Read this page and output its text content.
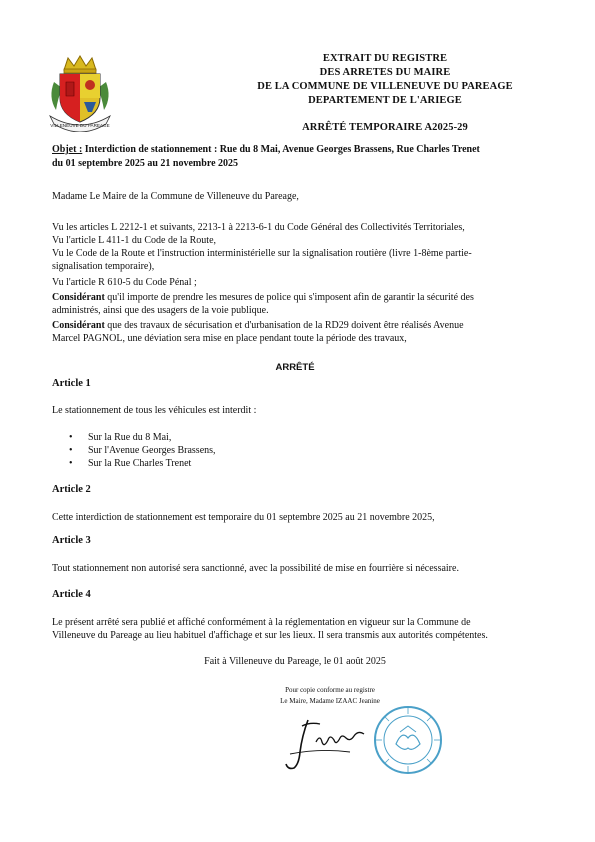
VILLENEUVE DU PAREAGE
EXTRAIT DU REGISTRE
DES ARRETES DU MAIRE
DE LA COMMUNE DE VILLENEUVE DU PAREAGE
DEPARTEMENT DE L'ARIEGE
ARRÊTÉ TEMPORAIRE A2025-29
Objet : Interdiction de stationnement : Rue du 8 Mai, Avenue Georges Brassens, Rue Charles Trenet
du 01 septembre 2025 au 21 novembre 2025
Madame Le Maire de la Commune de Villeneuve du Pareage,
Vu les articles L 2212-1 et suivants, 2213-1 à 2213-6-1 du Code Général des Collectivités Territoriales,
Vu l'article L 411-1 du Code de la Route,
Vu le Code de la Route et l'instruction interministérielle sur la signalisation routière (livre 1-8ème partie-
signalisation temporaire),
Vu l'article R 610-5 du Code Pénal ;
Considérant qu'il importe de prendre les mesures de police qui s'imposent afin de garantir la sécurité des
administrés, ainsi que des usagers de la voie publique.
Considérant que des travaux de sécurisation et d'urbanisation de la RD29 doivent être réalisés Avenue
Marcel PAGNOL, une déviation sera mise en place pendant toute la période des travaux,
ARRÊTÉ
Article 1
Le stationnement de tous les véhicules est interdit :
• Sur la Rue du 8 Mai,
• Sur l'Avenue Georges Brassens,
• Sur la Rue Charles Trenet
Article 2
Cette interdiction de stationnement est temporaire du 01 septembre 2025 au 21 novembre 2025,
Article 3
Tout stationnement non autorisé sera sanctionné, avec la possibilité de mise en fourrière si nécessaire.
Article 4
Le présent arrêté sera publié et affiché conformément à la réglementation en vigueur sur la Commune de
Villeneuve du Pareage au lieu habituel d'affichage et sur les lieux. Il sera transmis aux autorités compétentes.
Fait à Villeneuve du Pareage, le 01 août 2025
Pour copie conforme au registre
Le Maire, Madame IZAAC Jeanine
